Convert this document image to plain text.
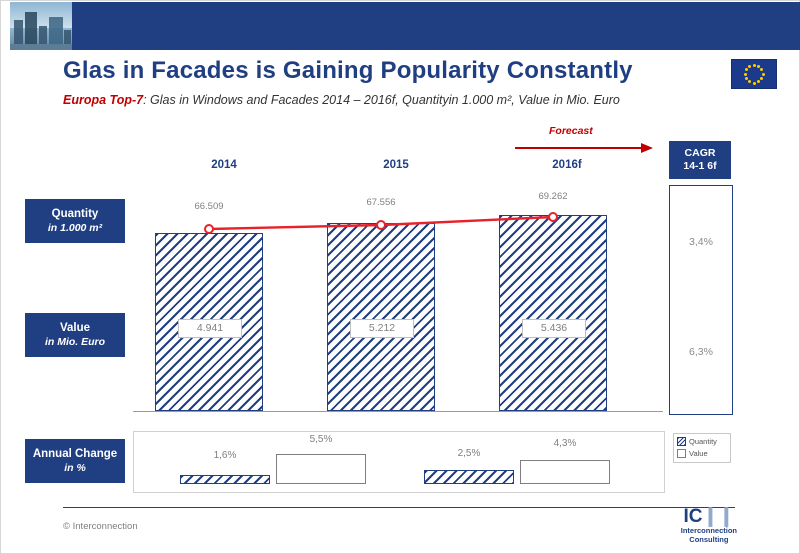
Glas in Facades is Gaining Popularity Constantly
Europa Top-7: Glas in Windows and Facades 2014 – 2016f, Quantityin 1.000 m², Value in Mio. Euro
2014	2015	2016f
Forecast
Quantity
in 1.000 m²
Value
in Mio. Euro
Annual Change
in %
4.941	5.212	5.436
66.509	67.556
69.262
CAGR
14-1 6f
3,4%
6,3%
1,6%
5,5%
2,5%
4,3%	Quantity
Value
© Interconnection	IC❙❙
Interconnection
Consulting
